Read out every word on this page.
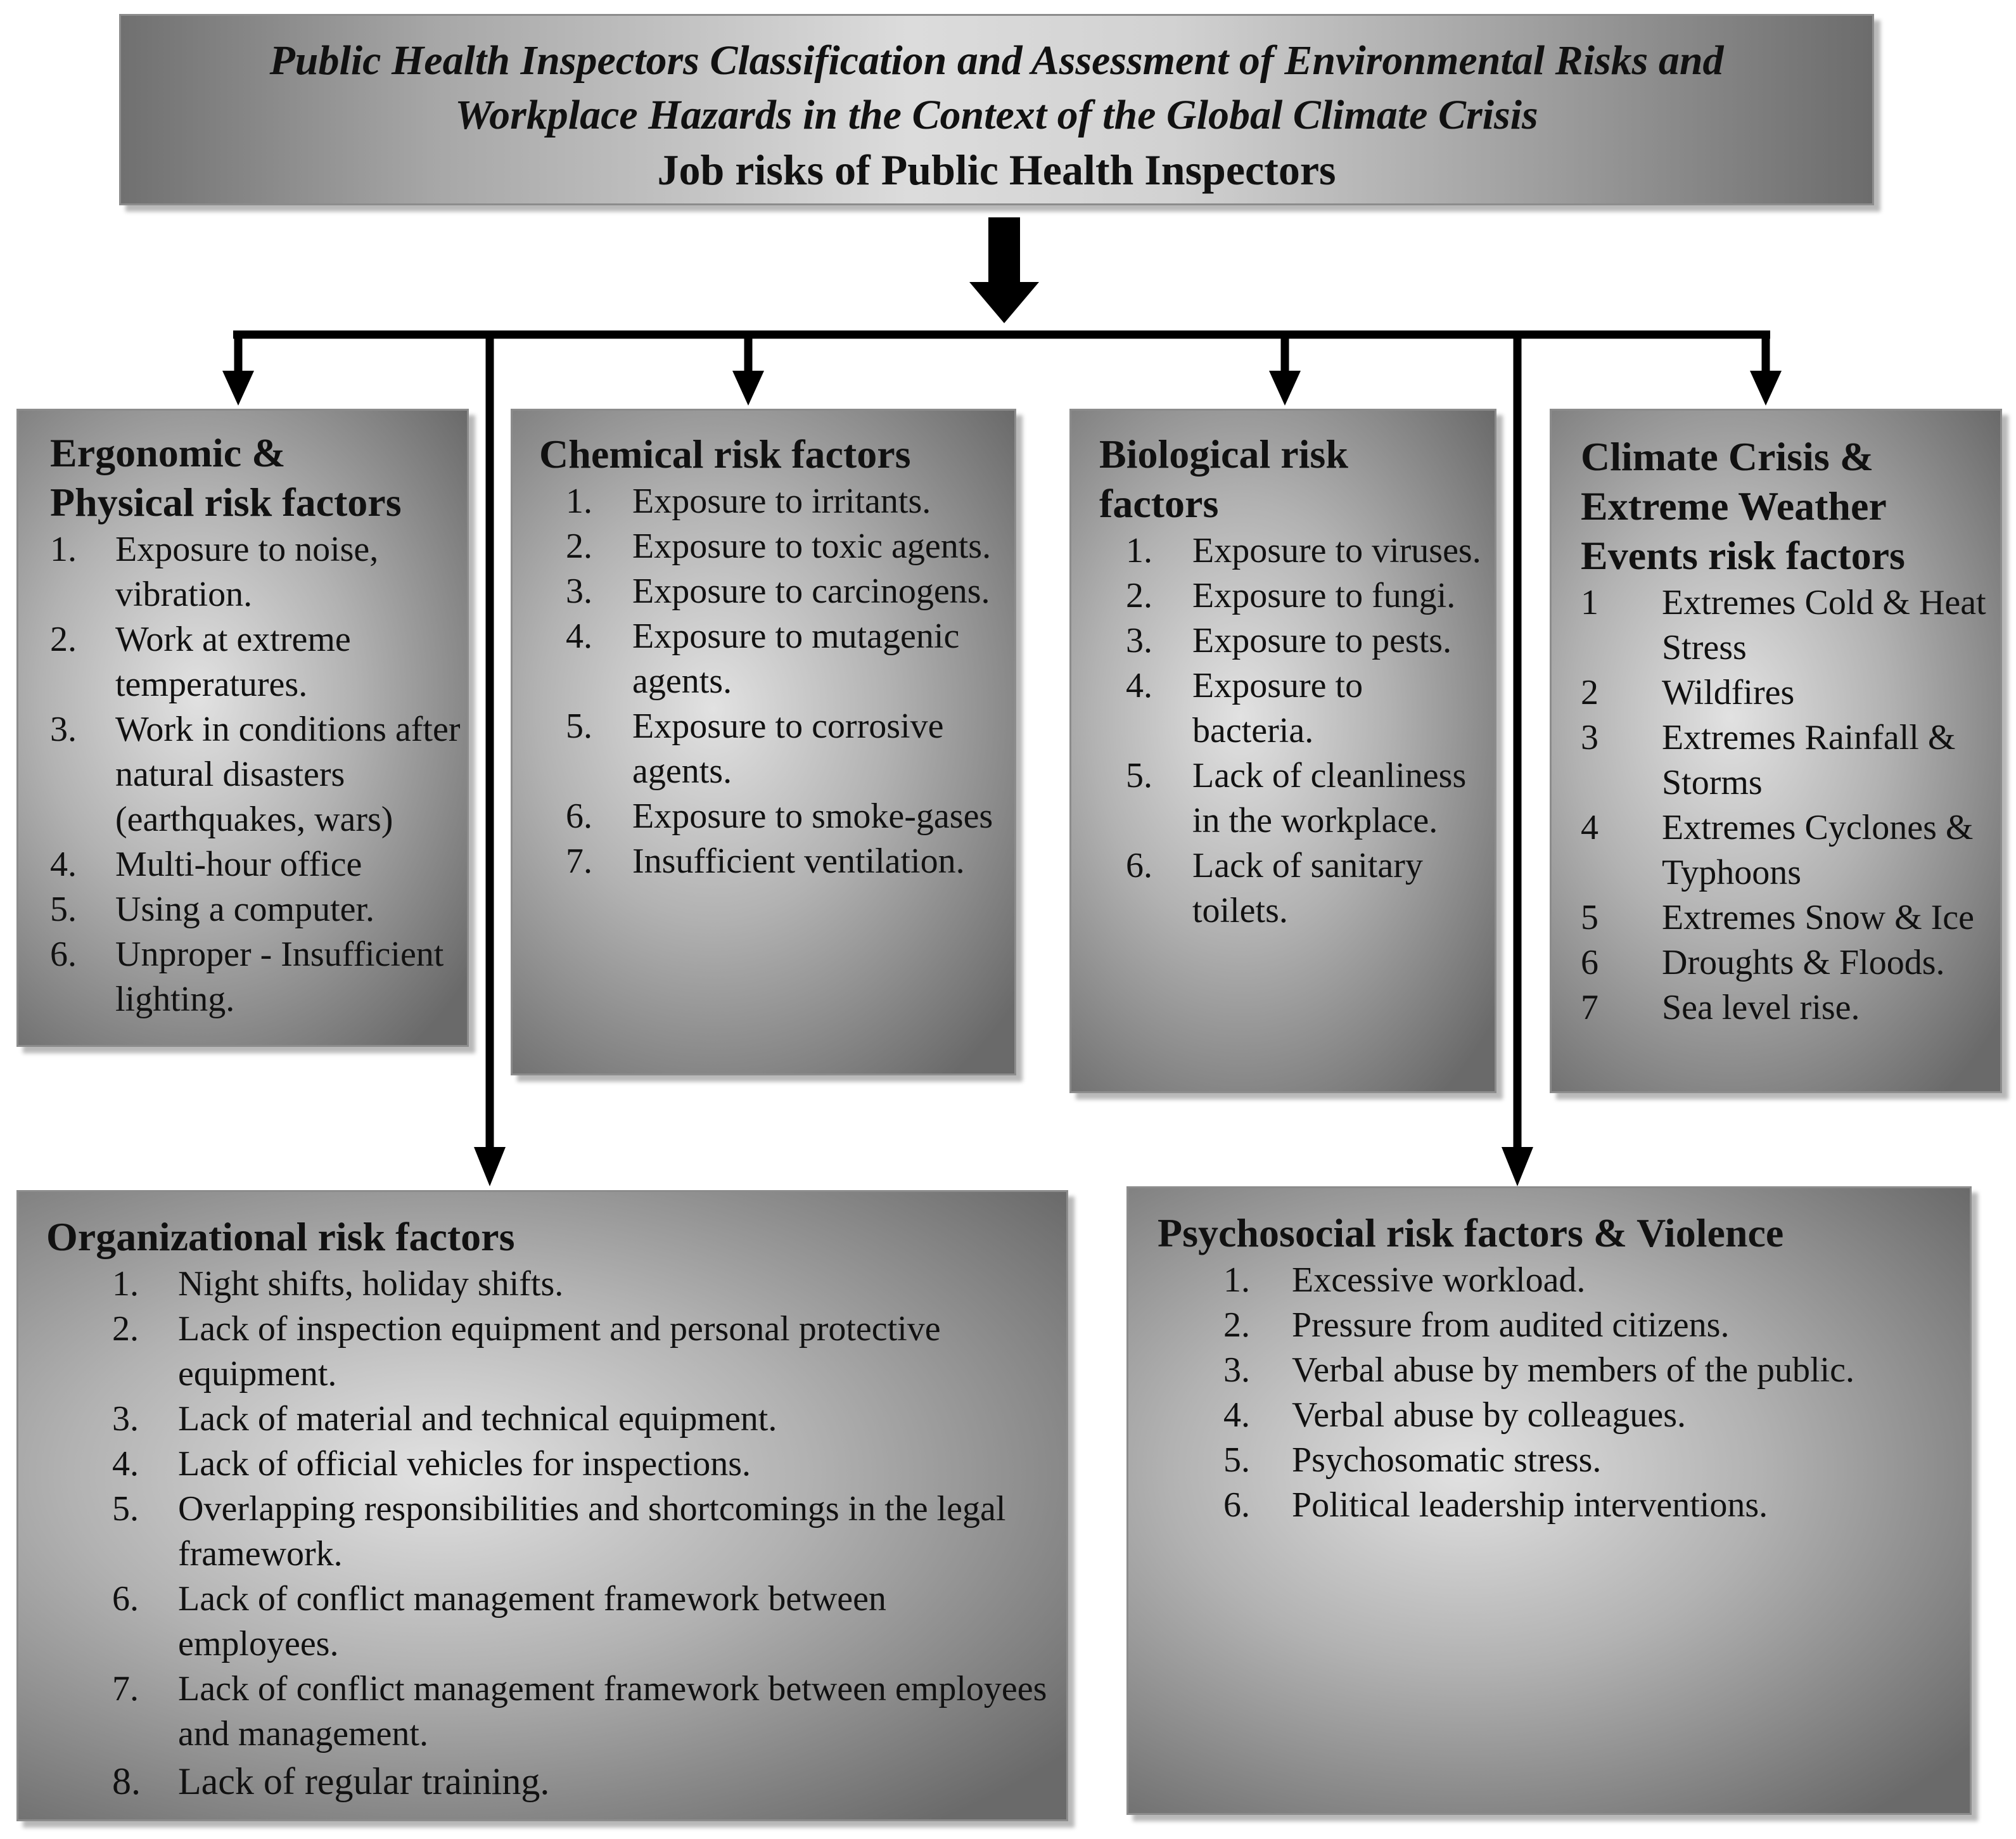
Public Health Inspectors Classification and Assessment of Environmental Risks and
Workplace Hazards in the Context of the Global Climate Crisis
Job risks of Public Health Inspectors
Ergonomic &
Physical risk factors
1.	Exposure to noise, vibration.
2.	Work at extreme temperatures.
3.	Work in conditions after natural disasters (earthquakes, wars)
4.	Multi-hour office
5.	Using a computer.
6.	Unproper - Insufficient lighting.
Chemical risk factors
1.	Exposure to irritants.
2.	Exposure to toxic agents.
3.	Exposure to carcinogens.
4.	Exposure to mutagenic agents.
5.	Exposure to corrosive agents.
6.	Exposure to smoke-gases
7.	Insufficient ventilation.
Biological risk
factors
1.	Exposure to viruses.
2.	Exposure to fungi.
3.	Exposure to pests.
4.	Exposure to bacteria.
5.	Lack of cleanliness in the workplace.
6.	Lack of sanitary toilets.
Climate Crisis &
Extreme Weather
Events risk factors
1	Extremes Cold & Heat Stress
2	Wildfires
3	Extremes Rainfall & Storms
4	Extremes Cyclones & Typhoons
5	Extremes Snow & Ice
6	Droughts & Floods.
7	Sea level rise.
Organizational risk factors
1.	Night shifts, holiday shifts.
2.	Lack of inspection equipment and personal protective equipment.
3.	Lack of material and technical equipment.
4.	Lack of official vehicles for inspections.
5.	Overlapping responsibilities and shortcomings in the legal framework.
6.	Lack of conflict management framework between employees.
7.	Lack of conflict management framework between employees and management.
8. Lack of regular training.
Psychosocial risk factors & Violence
1.	Excessive workload.
2.	Pressure from audited citizens.
3.	Verbal abuse by members of the public.
4.	Verbal abuse by colleagues.
5.	Psychosomatic stress.
6.	Political leadership interventions.
